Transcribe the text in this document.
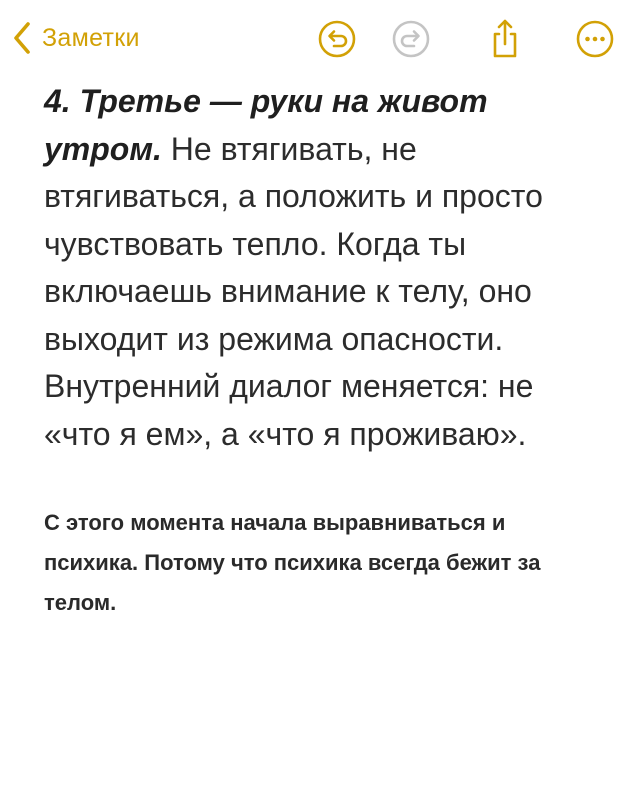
Заметки

4. Третье — руки на живот утром. Не втягивать, не втягиваться, а положить и просто чувствовать тепло. Когда ты включаешь внимание к телу, оно выходит из режима опасности. Внутренний диалог меняется: не «что я ем», а «что я проживаю».

С этого момента начала выравниваться и психика. Потому что психика всегда бежит за телом.
